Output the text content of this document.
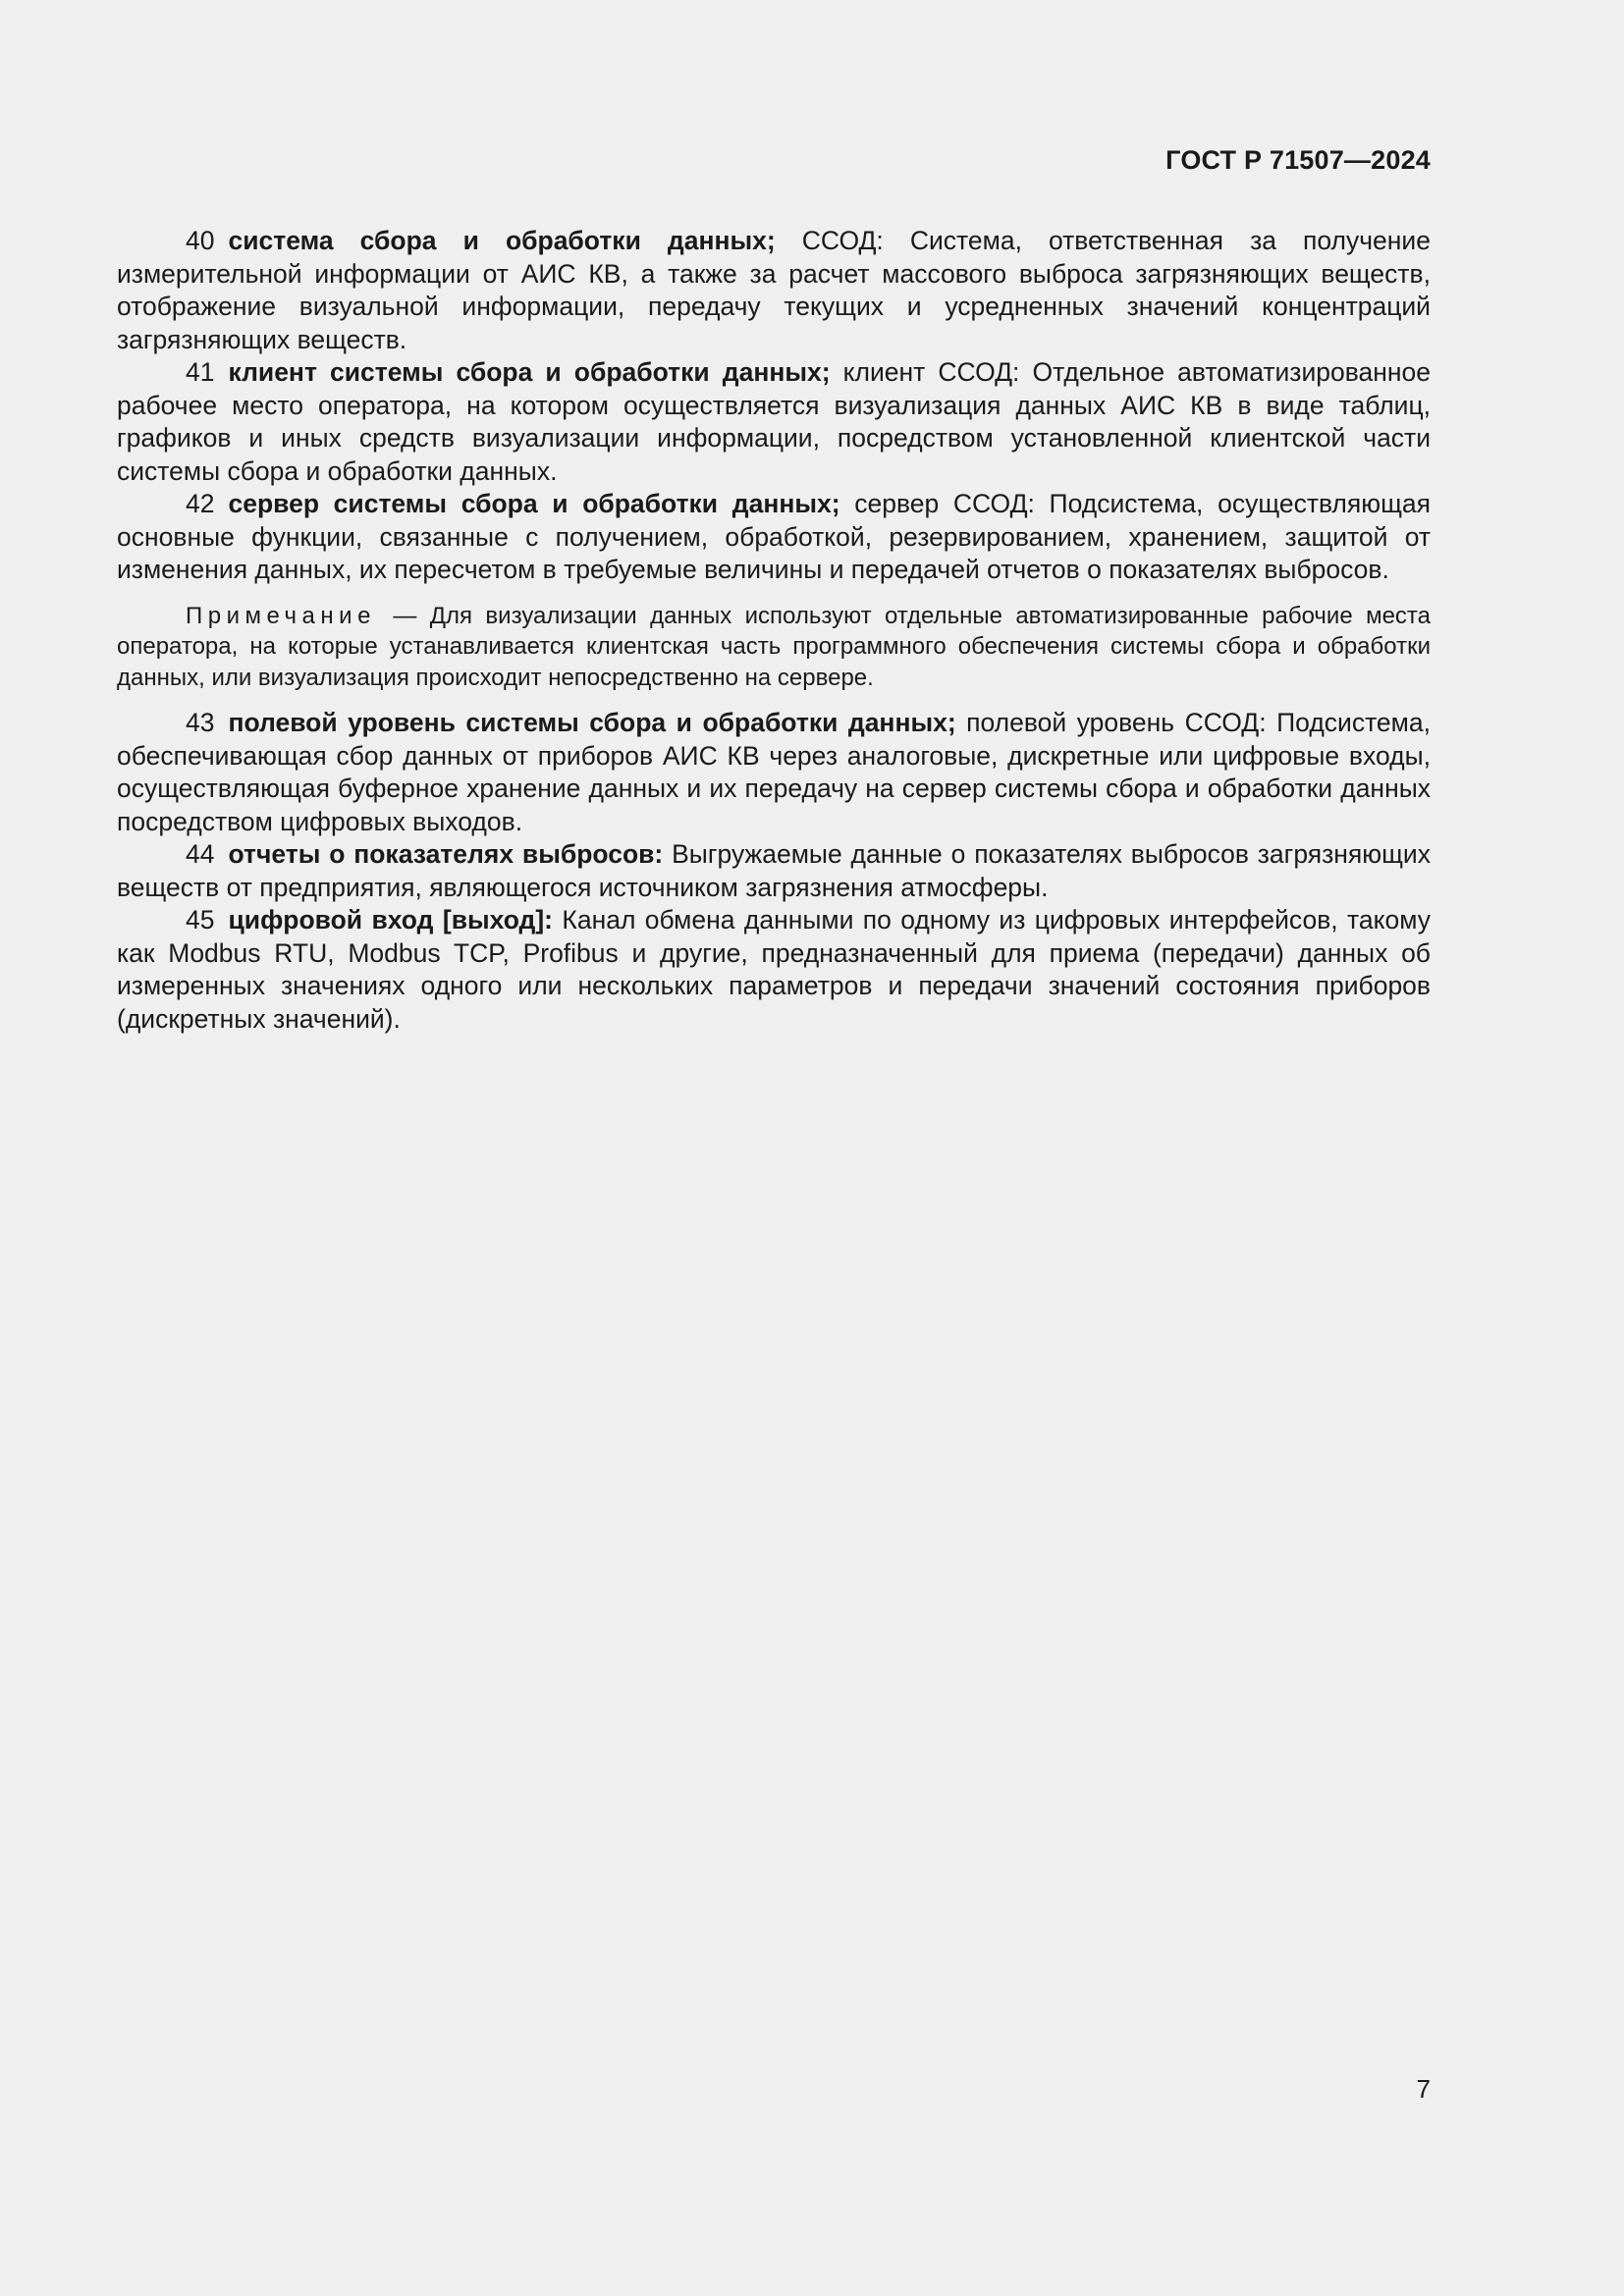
ГОСТ Р 71507—2024

40 система сбора и обработки данных; ССОД: Система, ответственная за получение измерительной информации от АИС КВ, а также за расчет массового выброса загрязняющих веществ, отображение визуальной информации, передачу текущих и усредненных значений концентраций загрязняющих веществ.

41 клиент системы сбора и обработки данных; клиент ССОД: Отдельное автоматизированное рабочее место оператора, на котором осуществляется визуализация данных АИС КВ в виде таблиц, графиков и иных средств визуализации информации, посредством установленной клиентской части системы сбора и обработки данных.

42 сервер системы сбора и обработки данных; сервер ССОД: Подсистема, осуществляющая основные функции, связанные с получением, обработкой, резервированием, хранением, защитой от изменения данных, их пересчетом в требуемые величины и передачей отчетов о показателях выбросов.

Примечание — Для визуализации данных используют отдельные автоматизированные рабочие места оператора, на которые устанавливается клиентская часть программного обеспечения системы сбора и обработки данных, или визуализация происходит непосредственно на сервере.

43 полевой уровень системы сбора и обработки данных; полевой уровень ССОД: Подсистема, обеспечивающая сбор данных от приборов АИС КВ через аналоговые, дискретные или цифровые входы, осуществляющая буферное хранение данных и их передачу на сервер системы сбора и обработки данных посредством цифровых выходов.

44 отчеты о показателях выбросов: Выгружаемые данные о показателях выбросов загрязняющих веществ от предприятия, являющегося источником загрязнения атмосферы.

45 цифровой вход [выход]: Канал обмена данными по одному из цифровых интерфейсов, такому как Modbus RTU, Modbus TCP, Profibus и другие, предназначенный для приема (передачи) данных об измеренных значениях одного или нескольких параметров и передачи значений состояния приборов (дискретных значений).

7
